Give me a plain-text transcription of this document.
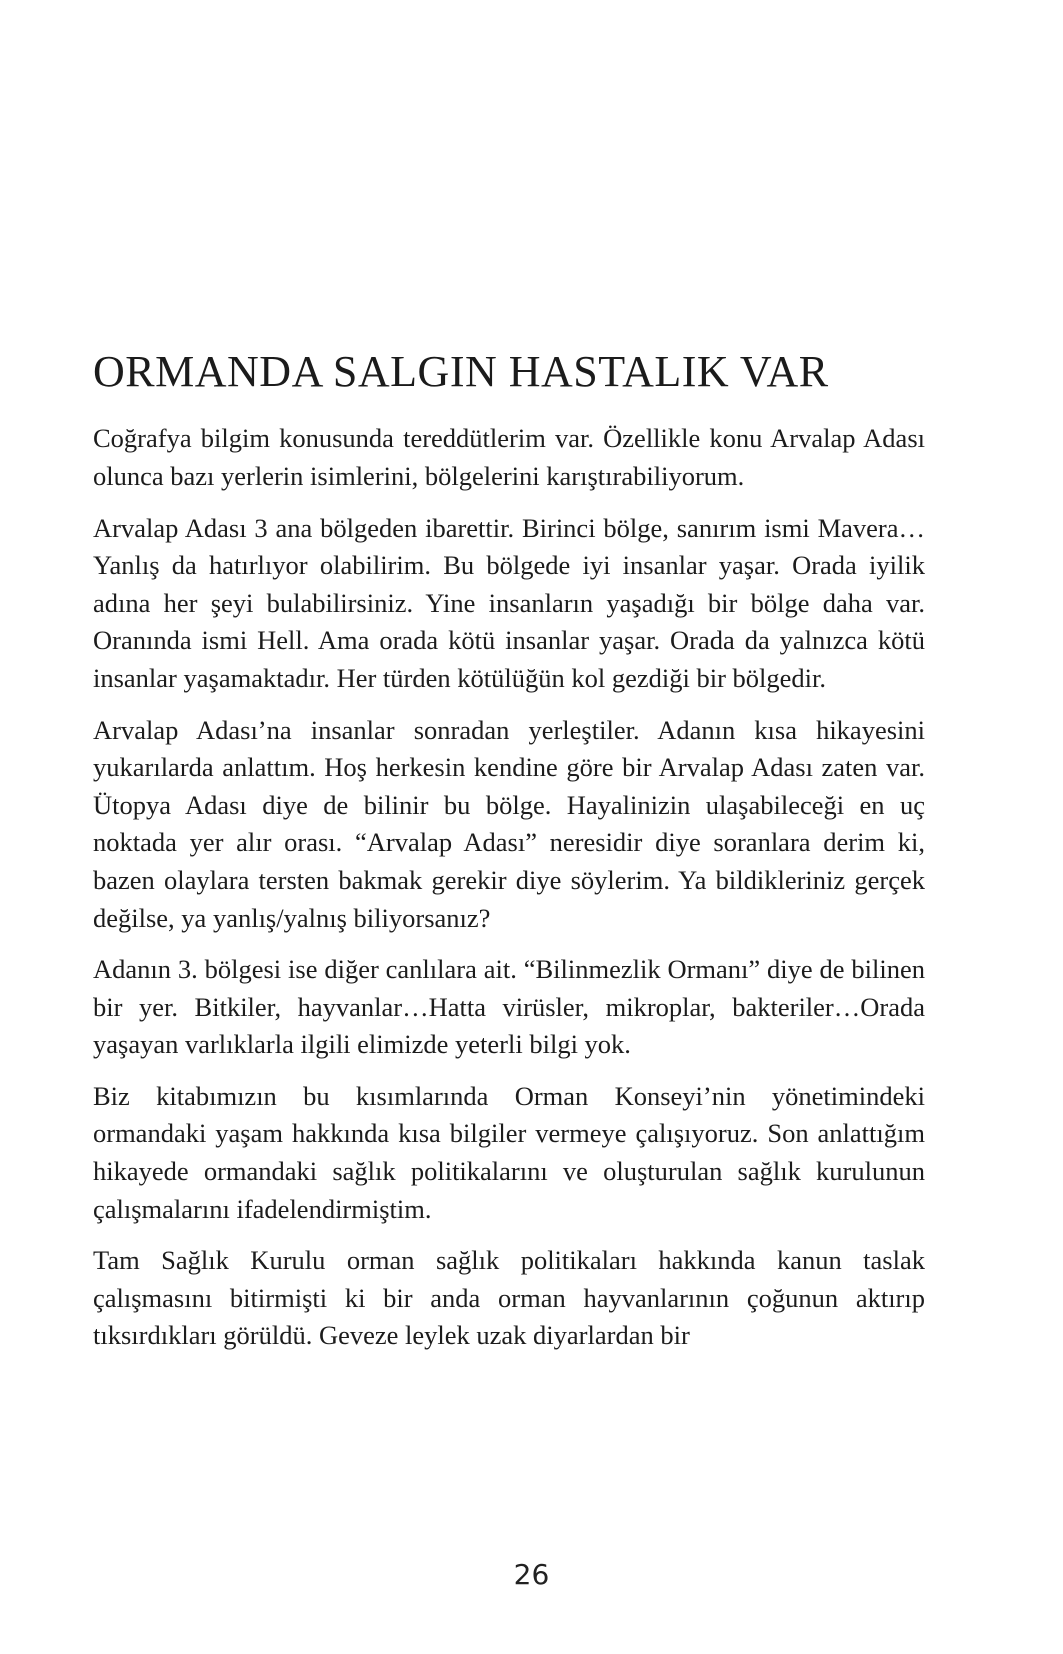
ORMANDA SALGIN HASTALIK VAR

Coğrafya bilgim konusunda tereddütlerim var. Özellikle konu Arvalap Adası olunca bazı yerlerin isimlerini, bölgelerini karıştırabiliyorum.

Arvalap Adası 3 ana bölgeden ibarettir. Birinci bölge, sanırım ismi Mavera…Yanlış da hatırlıyor olabilirim. Bu bölgede iyi insanlar yaşar. Orada iyilik adına her şeyi bulabilirsiniz. Yine insanların yaşadığı bir bölge daha var. Oranında ismi Hell. Ama orada kötü insanlar yaşar. Orada da yalnızca kötü insanlar yaşamaktadır. Her türden kötülüğün kol gezdiği bir bölgedir.

Arvalap Adası’na insanlar sonradan yerleştiler. Adanın kısa hikayesini yukarılarda anlattım. Hoş herkesin kendine göre bir Arvalap Adası zaten var. Ütopya Adası diye de bilinir bu bölge. Hayalinizin ulaşabileceği en uç noktada yer alır orası. “Arvalap Adası” neresidir diye soranlara derim ki, bazen olaylara tersten bakmak gerekir diye söylerim. Ya bildikleriniz gerçek değilse, ya yanlış/yalnış biliyorsanız?

Adanın 3. bölgesi ise diğer canlılara ait. “Bilinmezlik Ormanı” diye de bilinen bir yer. Bitkiler, hayvanlar…Hatta virüsler, mikroplar, bakteriler…Orada yaşayan varlıklarla ilgili elimizde yeterli bilgi yok.

Biz kitabımızın bu kısımlarında Orman Konseyi’nin yönetimindeki ormandaki yaşam hakkında kısa bilgiler vermeye çalışıyoruz. Son anlattığım hikayede ormandaki sağlık politikalarını ve oluşturulan sağlık kurulunun çalışmalarını ifadelendirmiştim.

Tam Sağlık Kurulu orman sağlık politikaları hakkında kanun taslak çalışmasını bitirmişti ki bir anda orman hayvanlarının çoğunun aktırıp tıksırdıkları görüldü. Geveze leylek uzak diyarlardan bir

26
